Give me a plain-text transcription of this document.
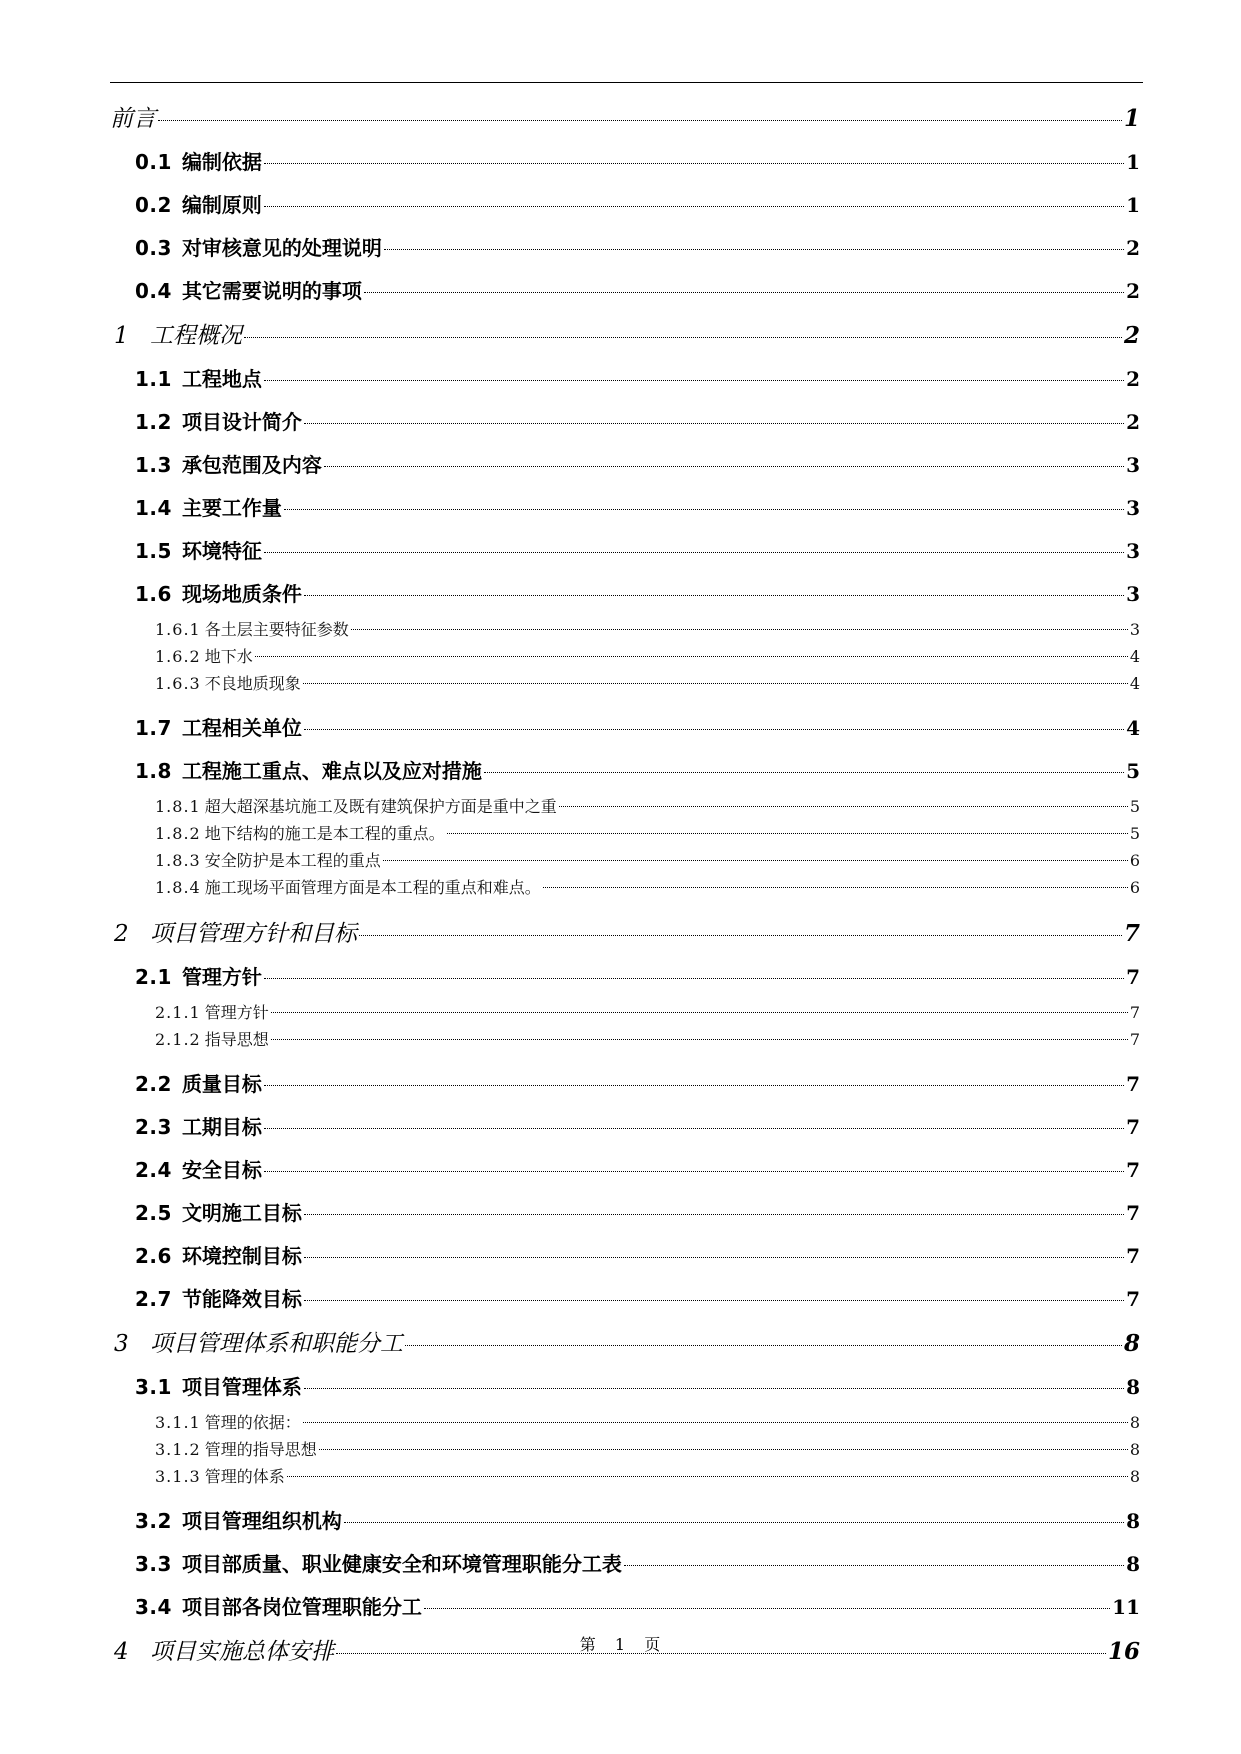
前言	1
0.1 编制依据	1
0.2 编制原则	1
0.3 对审核意见的处理说明	2
0.4 其它需要说明的事项	2
1 工程概况	2
1.1 工程地点	2
1.2 项目设计简介	2
1.3 承包范围及内容	3
1.4 主要工作量	3
1.5 环境特征	3
1.6 现场地质条件	3
1.6.1 各土层主要特征参数	3
1.6.2 地下水	4
1.6.3 不良地质现象	4
1.7 工程相关单位	4
1.8 工程施工重点、难点以及应对措施	5
1.8.1 超大超深基坑施工及既有建筑保护方面是重中之重	5
1.8.2 地下结构的施工是本工程的重点。	5
1.8.3 安全防护是本工程的重点	6
1.8.4 施工现场平面管理方面是本工程的重点和难点。	6
2 项目管理方针和目标	7
2.1 管理方针	7
2.1.1 管理方针	7
2.1.2 指导思想	7
2.2 质量目标	7
2.3 工期目标	7
2.4 安全目标	7
2.5 文明施工目标	7
2.6 环境控制目标	7
2.7 节能降效目标	7
3 项目管理体系和职能分工	8
3.1 项目管理体系	8
3.1.1 管理的依据：	8
3.1.2 管理的指导思想	8
3.1.3 管理的体系	8
3.2 项目管理组织机构	8
3.3 项目部质量、职业健康安全和环境管理职能分工表	8
3.4 项目部各岗位管理职能分工	11
4 项目实施总体安排	16
第 1 页
